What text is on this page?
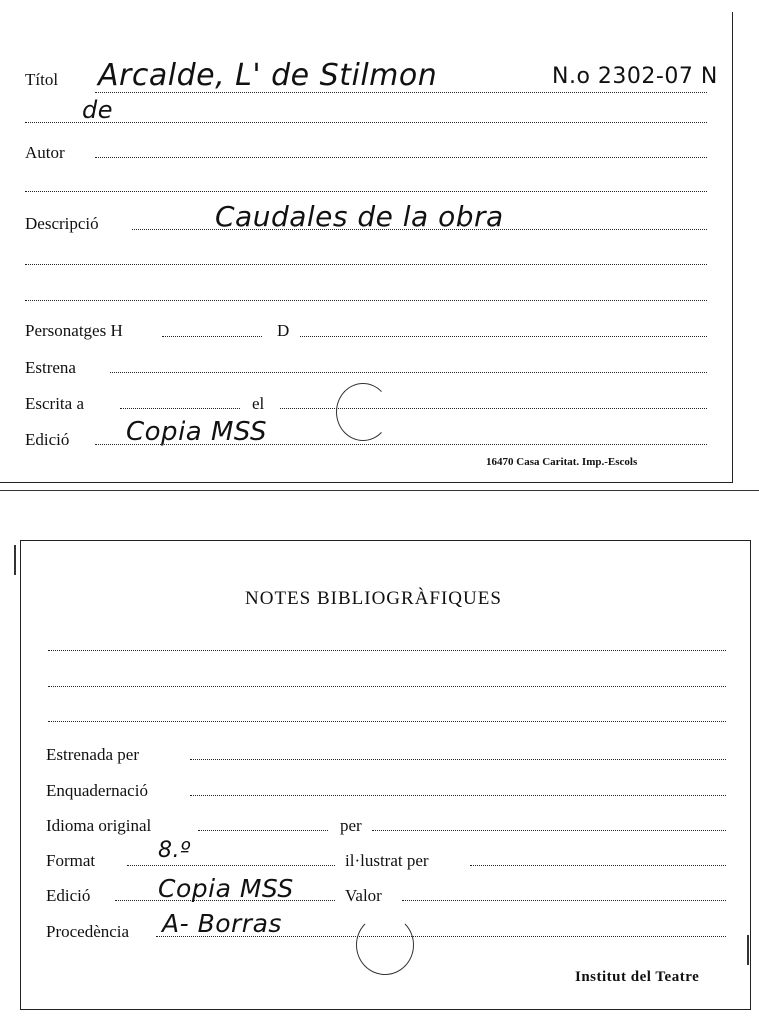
Títol Arcalde, L' de Stilmon	N.o 2302-07 N
de
Autor
Descripció	Caudales de la obra
Personatges H	D
Estrena
Escrita a	el
Edició Copia MSS
16470 Casa Caritat. Imp.-Escols
NOTES BIBLIOGRÀFIQUES
Estrenada per
Enquadernació
Idioma original	per
Format	8.º	il·lustrat per
Edició	Copia MSS	Valor
Procedència A- Borras
Institut del Teatre
